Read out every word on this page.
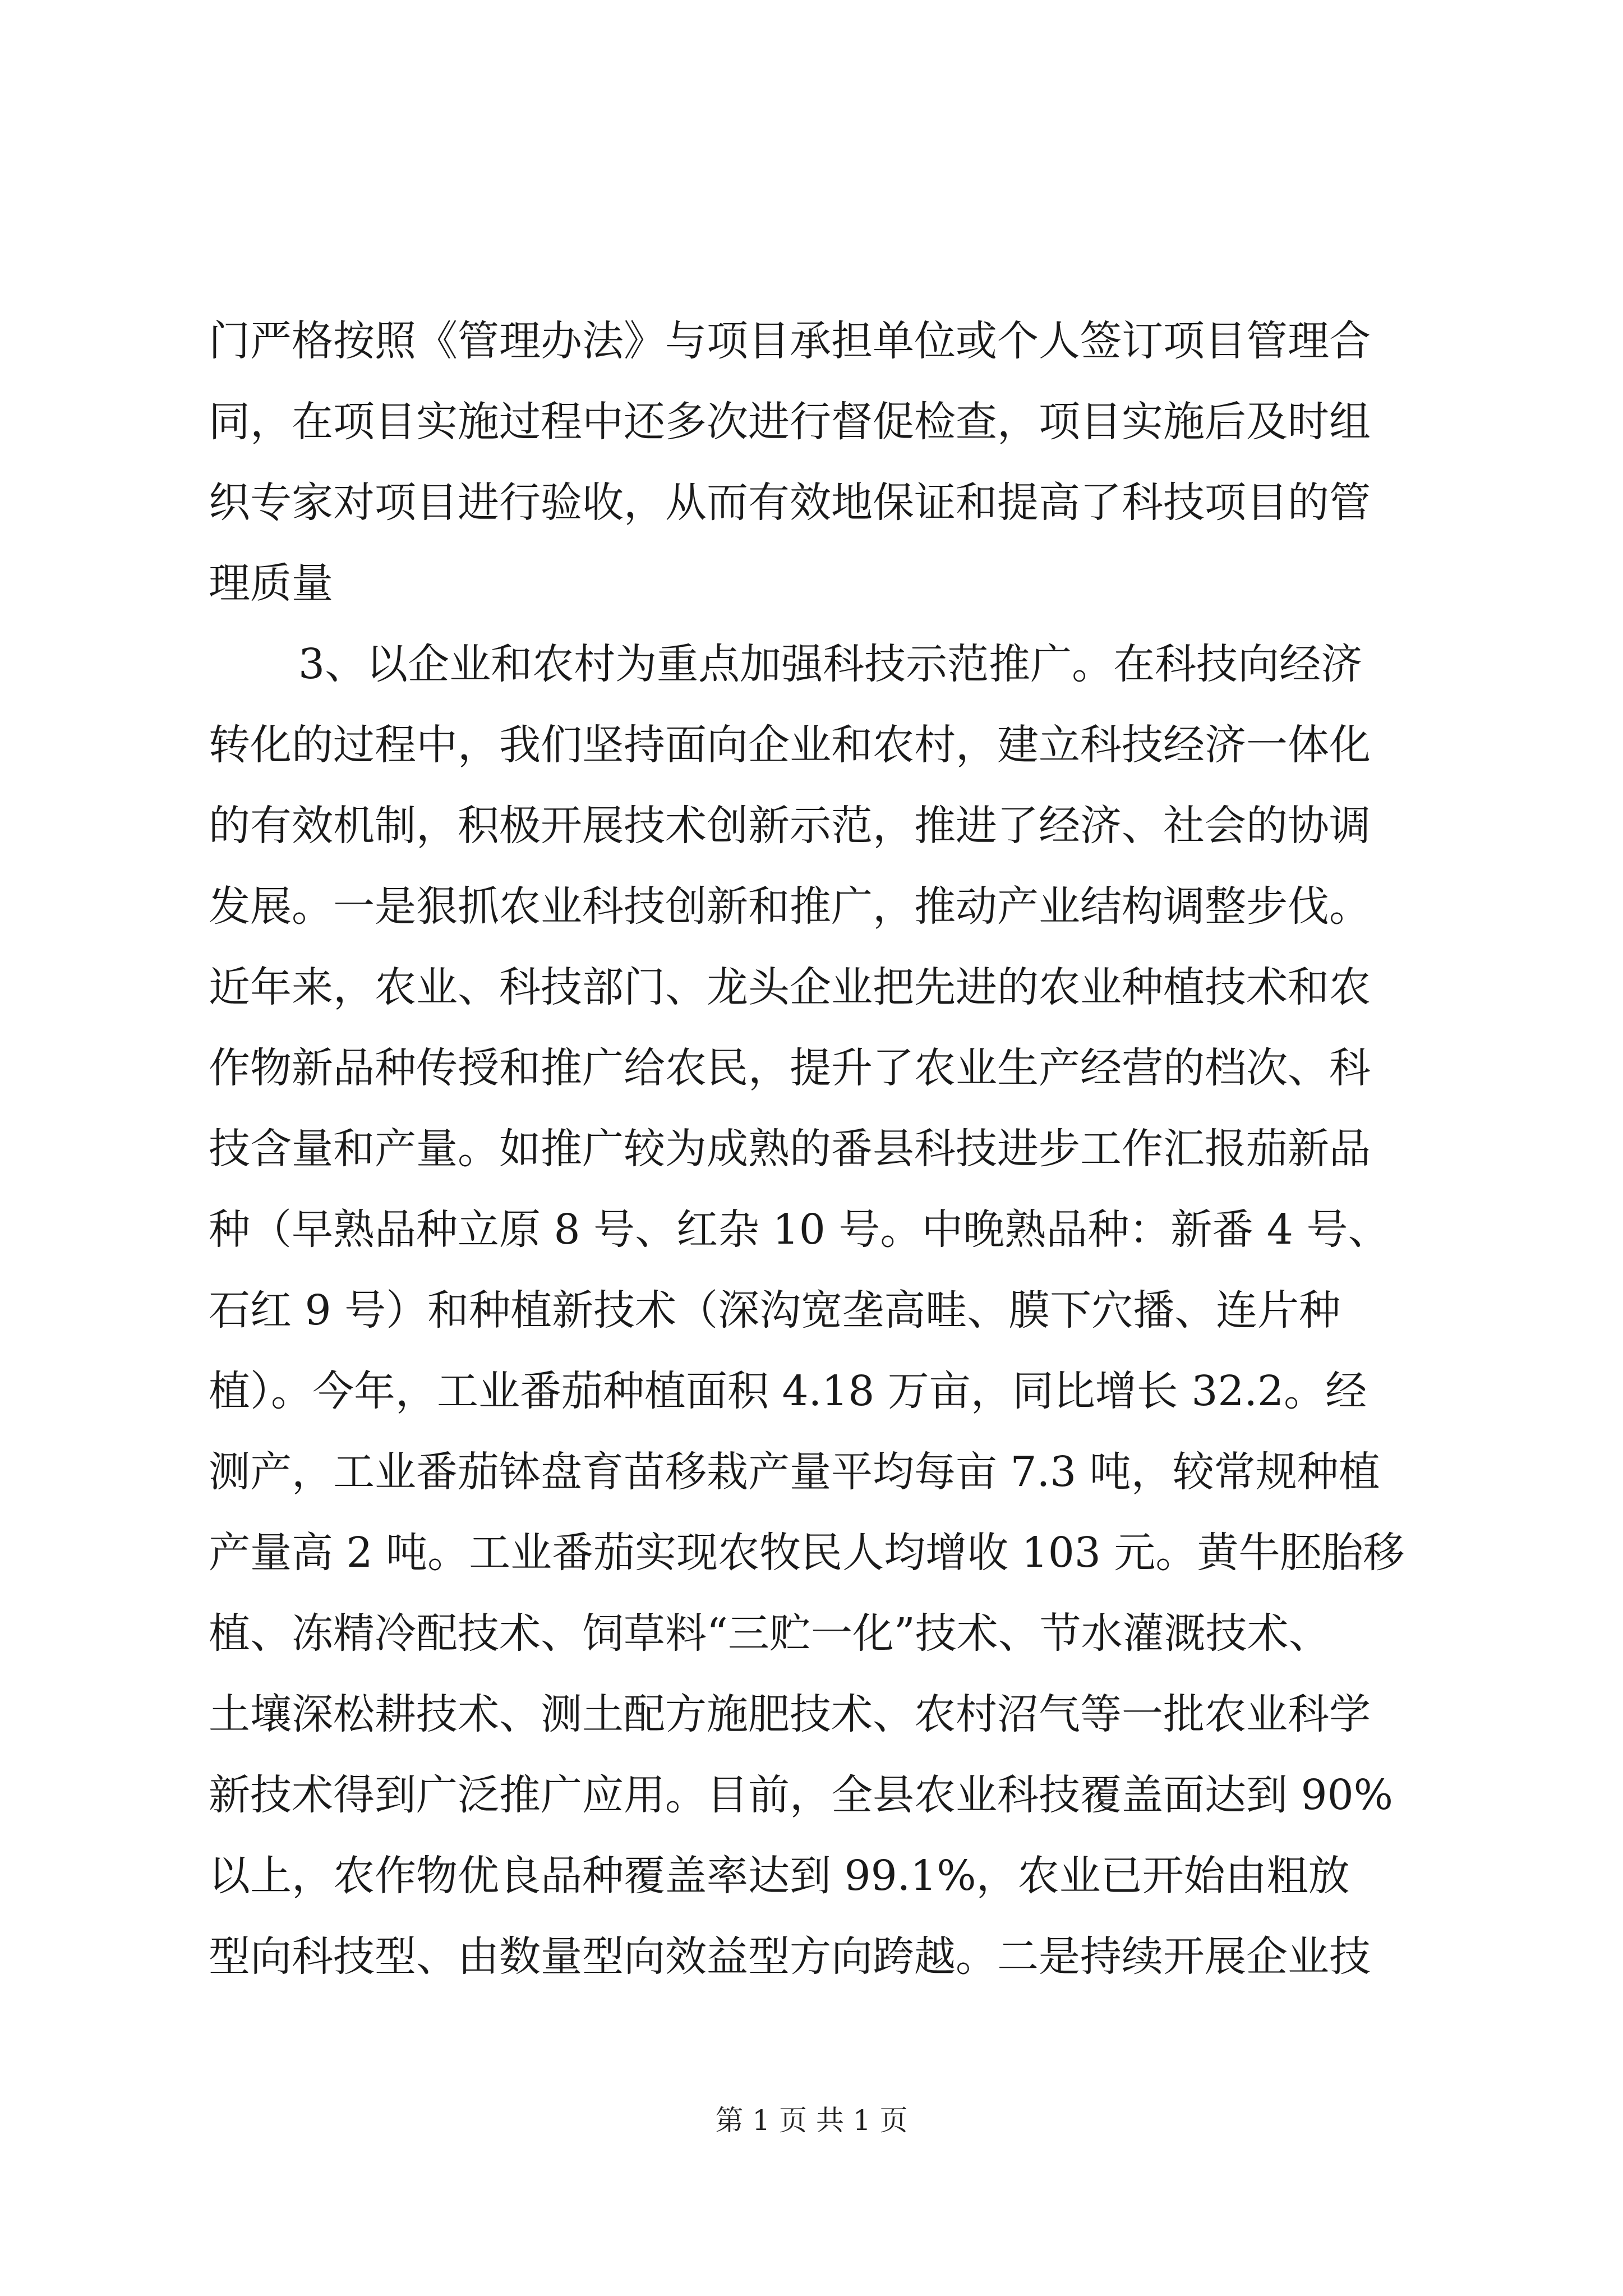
门严格按照《管理办法》与项目承担单位或个人签订项目管理合
同，在项目实施过程中还多次进行督促检查，项目实施后及时组
织专家对项目进行验收，从而有效地保证和提高了科技项目的管
理质量
3、以企业和农村为重点加强科技示范推广。在科技向经济
转化的过程中，我们坚持面向企业和农村，建立科技经济一体化
的有效机制，积极开展技术创新示范，推进了经济、社会的协调
发展。一是狠抓农业科技创新和推广，推动产业结构调整步伐。
近年来，农业、科技部门、龙头企业把先进的农业种植技术和农
作物新品种传授和推广给农民，提升了农业生产经营的档次、科
技含量和产量。如推广较为成熟的番县科技进步工作汇报茄新品
种（早熟品种立原 8 号、红杂 10 号。中晚熟品种：新番 4 号、
石红 9 号）和种植新技术（深沟宽垄高畦、膜下穴播、连片种
植）。今年，工业番茄种植面积 4.18 万亩，同比增长 32.2。经
测产，工业番茄钵盘育苗移栽产量平均每亩 7.3 吨，较常规种植
产量高 2 吨。工业番茄实现农牧民人均增收 103 元。黄牛胚胎移
植、冻精冷配技术、饲草料“三贮一化”技术、节水灌溉技术、
土壤深松耕技术、测土配方施肥技术、农村沼气等一批农业科学
新技术得到广泛推广应用。目前，全县农业科技覆盖面达到 90%
以上，农作物优良品种覆盖率达到 99.1%，农业已开始由粗放
型向科技型、由数量型向效益型方向跨越。二是持续开展企业技
第 1 页 共 1 页
